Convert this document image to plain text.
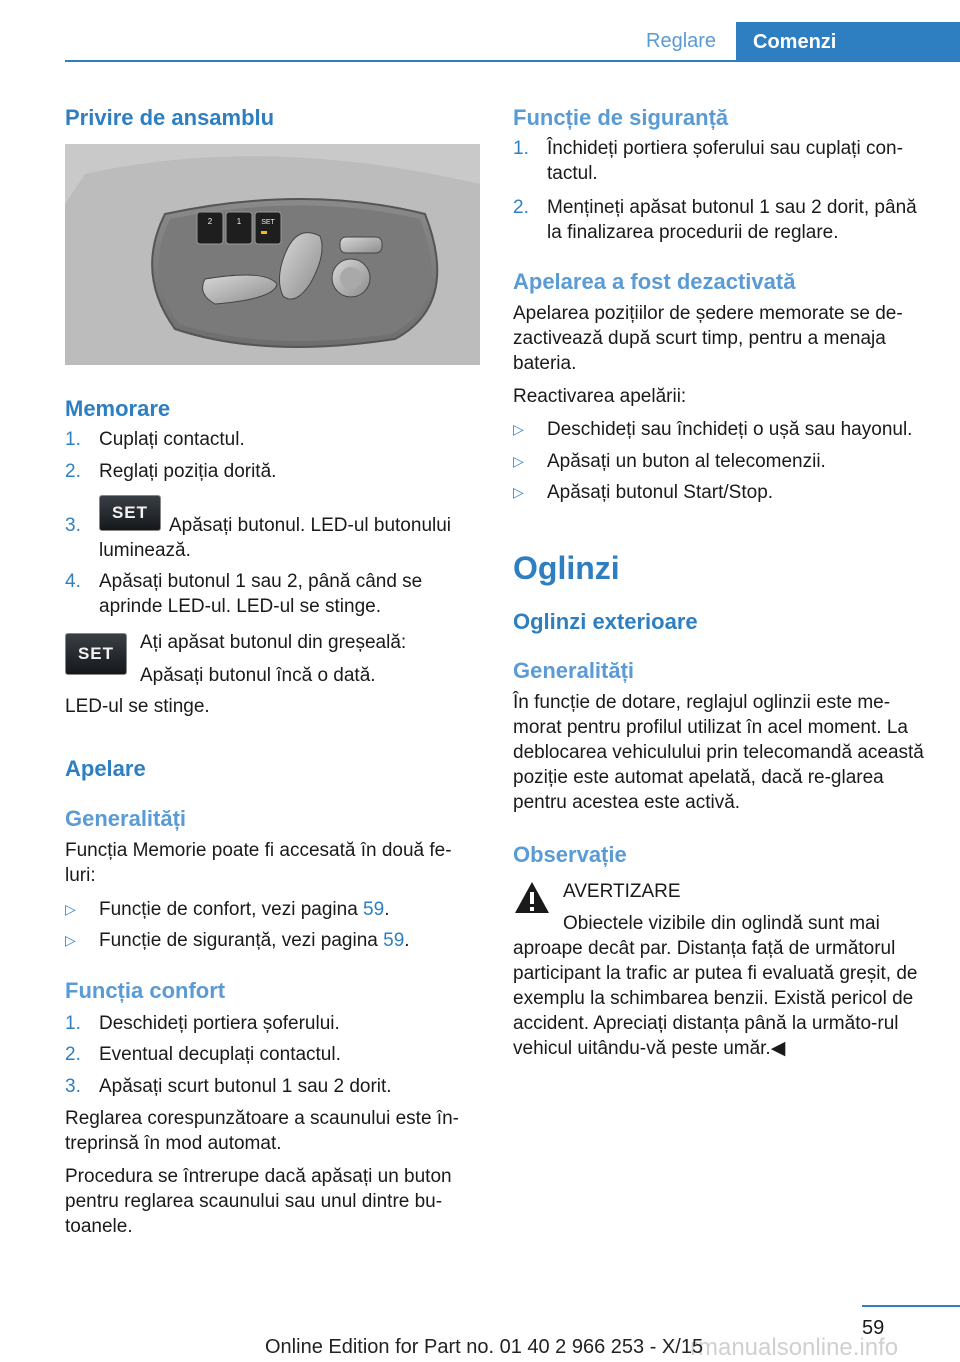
Reglare	Comenzi
Privire de ansamblu
2	1	SET
Memorare
1. Cuplați contactul.
2. Reglați poziția dorită.
3.	Apăsați butonul. LED-ul butonului luminează.
SET
4. Apăsați butonul 1 sau 2, până când se aprinde LED-ul. LED-ul se stinge.
SET
Ați apăsat butonul din greșeală:
Apăsați butonul încă o dată.
LED-ul se stinge.
Apelare
Generalități
Funcția Memorie poate fi accesată în două fe-luri:
▷ Funcție de confort, vezi pagina 59.
▷ Funcție de siguranță, vezi pagina 59.
Funcția confort
1. Deschideți portiera șoferului.
2. Eventual decuplați contactul.
3. Apăsați scurt butonul 1 sau 2 dorit.
Reglarea corespunzătoare a scaunului este în-treprinsă în mod automat.
Procedura se întrerupe dacă apăsați un buton pentru reglarea scaunului sau unul dintre bu-toanele.
Funcție de siguranță
1. Închideți portiera șoferului sau cuplați con-tactul.
2. Mențineți apăsat butonul 1 sau 2 dorit, până la finalizarea procedurii de reglare.
Apelarea a fost dezactivată
Apelarea pozițiilor de ședere memorate se de-zactivează după scurt timp, pentru a menaja bateria.
Reactivarea apelării:
▷ Deschideți sau închideți o ușă sau hayonul.
▷ Apăsați un buton al telecomenzii.
▷ Apăsați butonul Start/Stop.
Oglinzi
Oglinzi exterioare
Generalități
În funcție de dotare, reglajul oglinzii este me-morat pentru profilul utilizat în acel moment. La deblocarea vehiculului prin telecomandă această poziție este automat apelată, dacă re-glarea pentru acestea este activă.
Observație
AVERTIZARE
Obiectele vizibile din oglindă sunt mai
aproape decât par. Distanța față de următorul participant la trafic ar putea fi evaluată greșit, de exemplu la schimbarea benzii. Există pericol de accident. Apreciați distanța până la următo-rul vehicul uitându-vă peste umăr.◀
59
rmanualsonline.info
Online Edition for Part no. 01 40 2 966 253 - X/15
